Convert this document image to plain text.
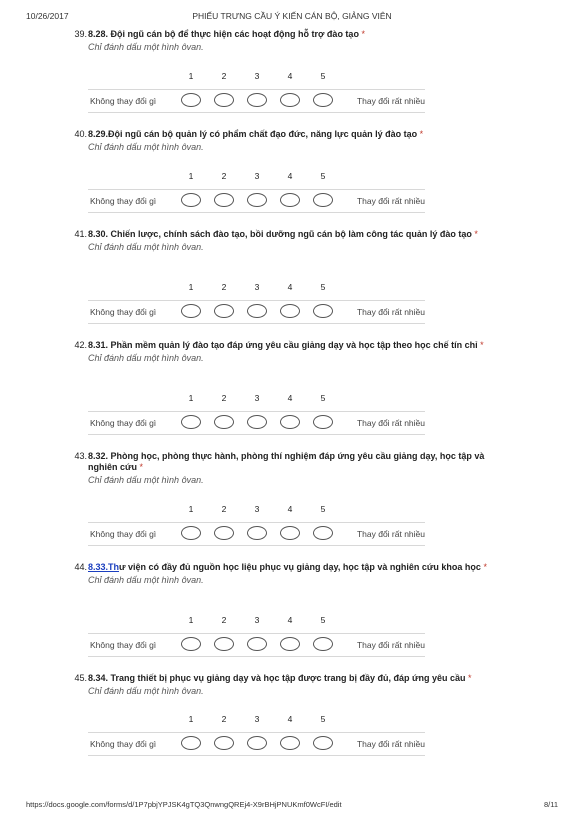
10/26/2017	PHIẾU TRƯNG CẦU Ý KIẾN CÁN BỘ, GIẢNG VIÊN
39. 8.28. Đội ngũ cán bộ để thực hiện các hoạt động hỗ trợ đào tạo *
Chỉ đánh dấu một hình ôvan.
1	2	3	4	5
Không thay đổi gì	Thay đổi rất nhiều
40. 8.29.Đội ngũ cán bộ quản lý có phẩm chất đạo đức, năng lực quản lý đào tạo *
Chỉ đánh dấu một hình ôvan.
1	2	3	4	5
Không thay đổi gì	Thay đổi rất nhiều
41. 8.30. Chiến lược, chính sách đào tạo, bồi dưỡng ngũ cán bộ làm công tác quản lý đào tạo *
Chỉ đánh dấu một hình ôvan.
1	2	3	4	5
Không thay đổi gì	Thay đổi rất nhiều
42. 8.31. Phần mềm quản lý đào tạo đáp ứng yêu cầu giảng dạy và học tập theo học chế tín chỉ *
Chỉ đánh dấu một hình ôvan.
1	2	3	4	5
Không thay đổi gì	Thay đổi rất nhiều
43. 8.32. Phòng học, phòng thực hành, phòng thí nghiệm đáp ứng yêu cầu giảng dạy, học tập và nghiên cứu *
Chỉ đánh dấu một hình ôvan.
1	2	3	4	5
Không thay đổi gì	Thay đổi rất nhiều
44. 8.33.Thư viện có đầy đủ nguồn học liệu phục vụ giảng dạy, học tập và nghiên cứu khoa học *
Chỉ đánh dấu một hình ôvan.
1	2	3	4	5
Không thay đổi gì	Thay đổi rất nhiều
45. 8.34. Trang thiết bị phục vụ giảng dạy và học tập được trang bị đầy đủ, đáp ứng yêu cầu *
Chỉ đánh dấu một hình ôvan.
1	2	3	4	5
Không thay đổi gì	Thay đổi rất nhiều
https://docs.google.com/forms/d/1P7pbjYPJSK4gTQ3QnwngQREj4-X9rBHjPNUKmf0WcFI/edit	8/11
